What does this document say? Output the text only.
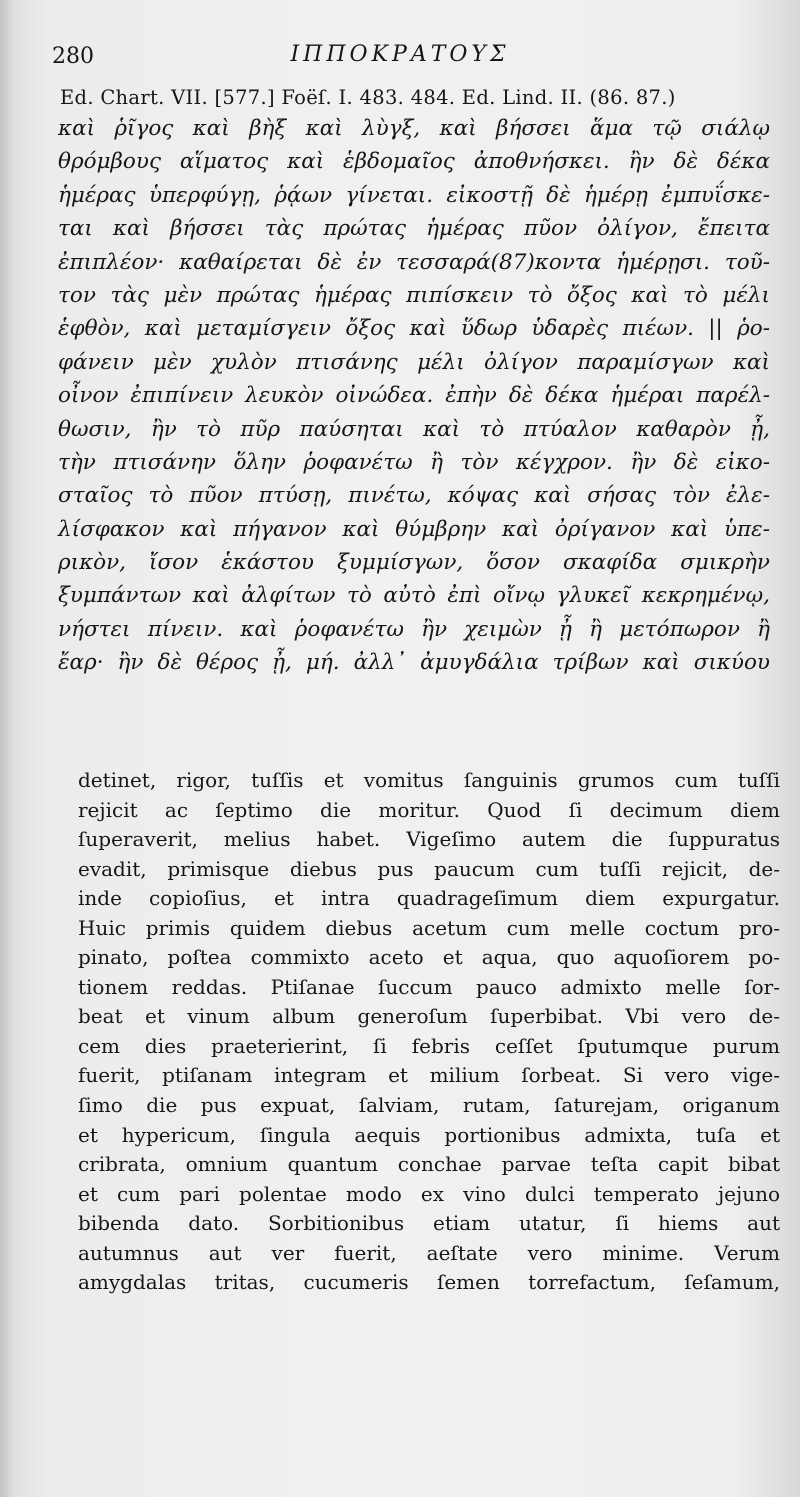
280	ΙΠΠΟΚΡΑΤΟΥΣ
Ed. Chart. VII. [577.] Foëſ. I. 483. 484. Ed. Lind. II. (86. 87.)
καὶ ῥῖγος καὶ βὴξ καὶ λὺγξ, καὶ βήσσει ἅμα τῷ σιάλῳ
θρόμβους αἵματος καὶ ἑβδομαῖος ἀποθνήσκει. ἢν δὲ δέκα
ἡμέρας ὑπερφύγῃ, ῥᾴων γίνεται. εἰκοστῇ δὲ ἡμέρῃ ἐμπυΐσκε-
ται καὶ βήσσει τὰς πρώτας ἡμέρας πῦον ὀλίγον, ἔπειτα
ἐπιπλέον· καθαίρεται δὲ ἐν τεσσαρά(87)κοντα ἡμέρῃσι. τοῦ-
τον τὰς μὲν πρώτας ἡμέρας πιπίσκειν τὸ ὄξος καὶ τὸ μέλι
ἑφθὸν, καὶ μεταμίσγειν ὄξος καὶ ὕδωρ ὑδαρὲς πιέων. || ῥο-
φάνειν μὲν χυλὸν πτισάνης μέλι ὀλίγον παραμίσγων καὶ
οἶνον ἐπιπίνειν λευκὸν οἰνώδεα. ἐπὴν δὲ δέκα ἡμέραι παρέλ-
θωσιν, ἢν τὸ πῦρ παύσηται καὶ τὸ πτύαλον καθαρὸν ᾖ,
τὴν πτισάνην ὅλην ῥοφανέτω ἢ τὸν κέγχρον. ἢν δὲ εἰκο-
σταῖος τὸ πῦον πτύσῃ, πινέτω, κόψας καὶ σήσας τὸν ἐλε-
λίσφακον καὶ πήγανον καὶ θύμβρην καὶ ὀρίγανον καὶ ὑπε-
ρικὸν, ἴσον ἑκάστου ξυμμίσγων, ὅσον σκαφίδα σμικρὴν
ξυμπάντων καὶ ἀλφίτων τὸ αὐτὸ ἐπὶ οἴνῳ γλυκεῖ κεκρημένῳ,
νήστει πίνειν. καὶ ῥοφανέτω ἢν χειμὼν ᾖ ἢ μετόπωρον ἢ
ἔαρ· ἢν δὲ θέρος ᾖ, μή. ἀλλ᾽ ἀμυγδάλια τρίβων καὶ σικύου
detinet, rigor, tuſſis et vomitus ſanguinis grumos cum tuſſi
rejicit ac ſeptimo die moritur. Quod ſi decimum diem
ſuperaverit, melius habet. Vigeſimo autem die ſuppuratus
evadit, primisque diebus pus paucum cum tuſſi rejicit, de-
inde copioſius, et intra quadrageſimum diem expurgatur.
Huic primis quidem diebus acetum cum melle coctum pro-
pinato, poſtea commixto aceto et aqua, quo aquoſiorem po-
tionem reddas. Ptiſanae ſuccum pauco admixto melle ſor-
beat et vinum album generoſum ſuperbibat. Vbi vero de-
cem dies praeterierint, ſi febris ceſſet ſputumque purum
fuerit, ptiſanam integram et milium ſorbeat. Si vero vige-
ſimo die pus expuat, ſalviam, rutam, ſaturejam, origanum
et hypericum, ſingula aequis portionibus admixta, tuſa et
cribrata, omnium quantum conchae parvae teſta capit bibat
et cum pari polentae modo ex vino dulci temperato jejuno
bibenda dato. Sorbitionibus etiam utatur, ſi hiems aut
autumnus aut ver fuerit, aeſtate vero minime. Verum
amygdalas tritas, cucumeris ſemen torrefactum, ſeſamum,
